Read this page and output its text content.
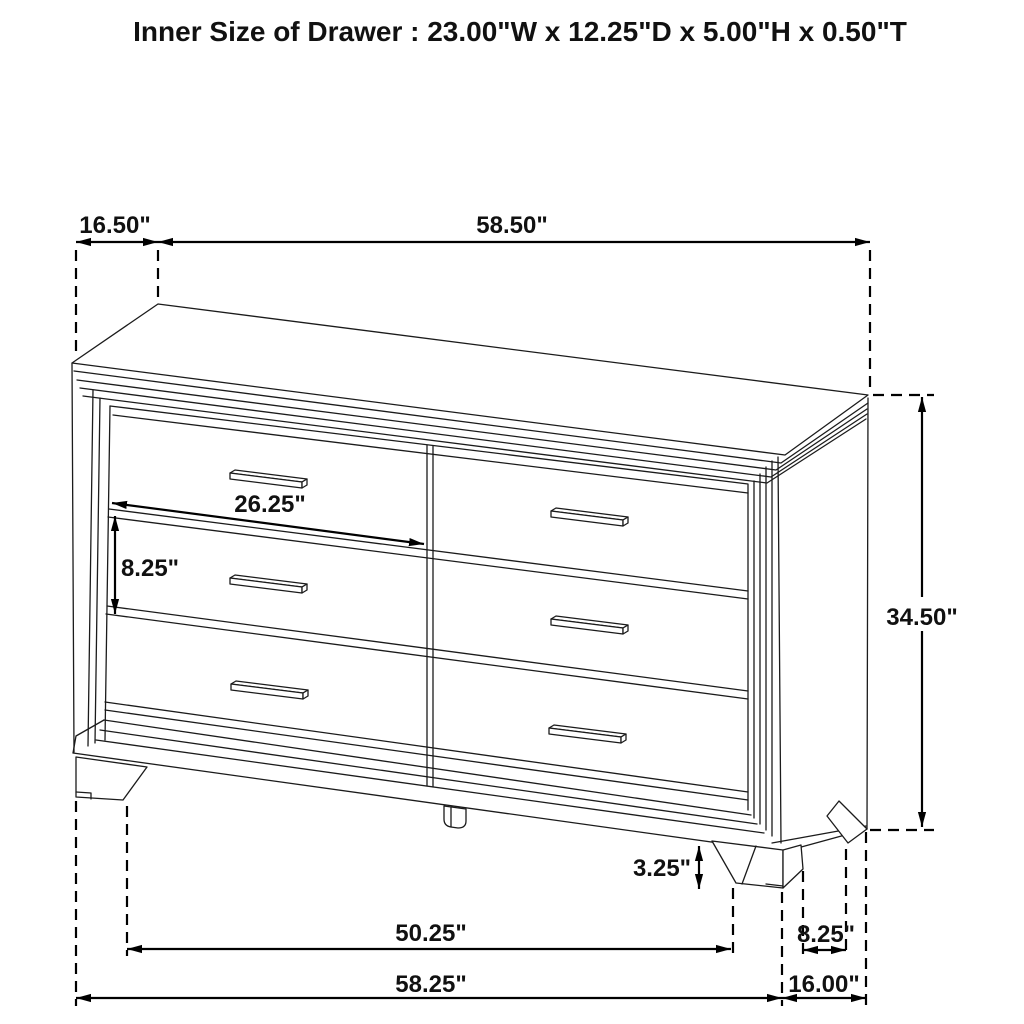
Inner Size of Drawer : 23.00"W x 12.25"D x 5.00"H x 0.50"T
16.50"	58.50"
34.50"
26.25"
8.25"
3.25"
50.25"
58.25"
8.25"
16.00"
